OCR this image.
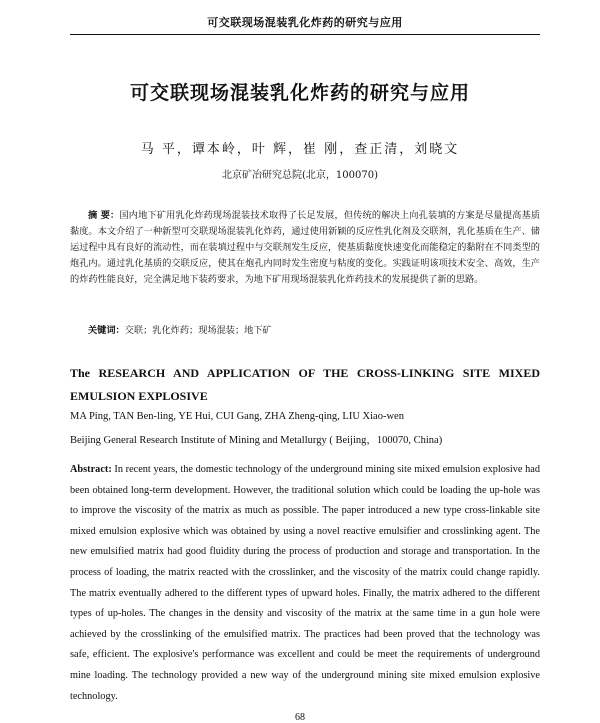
可交联现场混装乳化炸药的研究与应用
可交联现场混装乳化炸药的研究与应用
马 平，谭本岭，叶 辉，崔 刚，查正清，刘晓文
北京矿冶研究总院(北京，100070)
摘 要：国内地下矿用乳化炸药现场混装技术取得了长足发展，但传统的解决上向孔装填的方案是尽量提高基质黏度。本文介绍了一种新型可交联现场混装乳化炸药，通过使用新颖的反应性乳化剂及交联剂，乳化基质在生产、储运过程中具有良好的流动性，而在装填过程中与交联剂发生反应，使基质黏度快速变化而能稳定的黏附在不同类型的炮孔内。通过乳化基质的交联反应，使其在炮孔内同时发生密度与粘度的变化。实践证明该项技术安全、高效，生产的炸药性能良好，完全满足地下装药要求，为地下矿用现场混装乳化炸药技术的发展提供了新的思路。
关键词：交联；乳化炸药；现场混装；地下矿
The RESEARCH AND APPLICATION OF THE CROSS-LINKING SITE MIXED EMULSION EXPLOSIVE
MA Ping, TAN Ben-ling, YE Hui, CUI Gang, ZHA Zheng-qing, LIU Xiao-wen
Beijing General Research Institute of Mining and Metallurgy ( Beijing，100070, China)
Abstract: In recent years, the domestic technology of the underground mining site mixed emulsion explosive had been obtained long-term development. However, the traditional solution which could be loading the up-hole was to improve the viscosity of the matrix as much as possible. The paper introduced a new type cross-linkable site mixed emulsion explosive which was obtained by using a novel reactive emulsifier and crosslinking agent. The new emulsified matrix had good fluidity during the process of production and storage and transportation. In the process of loading, the matrix reacted with the crosslinker, and the viscosity of the matrix could change rapidly. The matrix eventually adhered to the different types of upward holes. Finally, the matrix adhered to the different types of up-holes. The changes in the density and viscosity of the matrix at the same time in a gun hole were achieved by the crosslinking of the emulsified matrix. The practices had been proved that the technology was safe, efficient. The explosive's performance was excellent and could be meet the requirements of underground mine loading. The technology provided a new way of the underground mining site mixed emulsion explosive technology.
68
